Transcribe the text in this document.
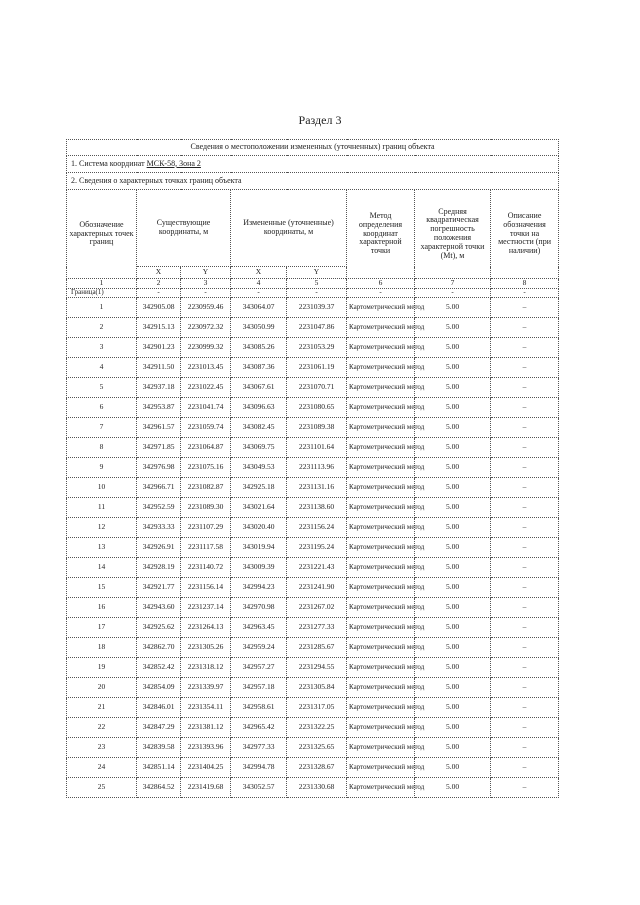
Раздел 3
Сведения о местоположении измененных (уточненных) границ объекта							
1. Система координат МСК-58, Зона 2							
2. Сведения о характерных точках границ объекта							
Обозначение характерных точек границ	Существующие координаты, м		Измененные (уточненные) координаты, м		Метод определения координат характерной точки	Средняя квадратическая погрешность положения характерной точки (Mt), м	Описание обозначения точки на местности (при наличии)
	X	Y	X	Y			
1	2	3	4	5	6	7	8
Граница(1)	-	-	-	-	-	-	-
1	342905.08	2230959.46	343064.07	2231039.37	Картометрический метод	5.00	–
2	342915.13	2230972.32	343050.99	2231047.86	Картометрический метод	5.00	–
3	342901.23	2230999.32	343085.26	2231053.29	Картометрический метод	5.00	–
4	342911.50	2231013.45	343087.36	2231061.19	Картометрический метод	5.00	–
5	342937.18	2231022.45	343067.61	2231070.71	Картометрический метод	5.00	–
6	342953.87	2231041.74	343096.63	2231080.65	Картометрический метод	5.00	–
7	342961.57	2231059.74	343082.45	2231089.38	Картометрический метод	5.00	–
8	342971.85	2231064.87	343069.75	2231101.64	Картометрический метод	5.00	–
9	342976.98	2231075.16	343049.53	2231113.96	Картометрический метод	5.00	–
10	342966.71	2231082.87	342925.18	2231131.16	Картометрический метод	5.00	–
11	342952.59	2231089.30	343021.64	2231138.60	Картометрический метод	5.00	–
12	342933.33	2231107.29	343020.40	2231156.24	Картометрический метод	5.00	–
13	342926.91	2231117.58	343019.94	2231195.24	Картометрический метод	5.00	–
14	342928.19	2231140.72	343009.39	2231221.43	Картометрический метод	5.00	–
15	342921.77	2231156.14	342994.23	2231241.90	Картометрический метод	5.00	–
16	342943.60	2231237.14	342970.98	2231267.02	Картометрический метод	5.00	–
17	342925.62	2231264.13	342963.45	2231277.33	Картометрический метод	5.00	–
18	342862.70	2231305.26	342959.24	2231285.67	Картометрический метод	5.00	–
19	342852.42	2231318.12	342957.27	2231294.55	Картометрический метод	5.00	–
20	342854.09	2231339.97	342957.18	2231305.84	Картометрический метод	5.00	–
21	342846.01	2231354.11	342958.61	2231317.05	Картометрический метод	5.00	–
22	342847.29	2231381.12	342965.42	2231322.25	Картометрический метод	5.00	–
23	342839.58	2231393.96	342977.33	2231325.65	Картометрический метод	5.00	–
24	342851.14	2231404.25	342994.78	2231328.67	Картометрический метод	5.00	–
25	342864.52	2231419.68	343052.57	2231330.68	Картометрический метод	5.00	–
